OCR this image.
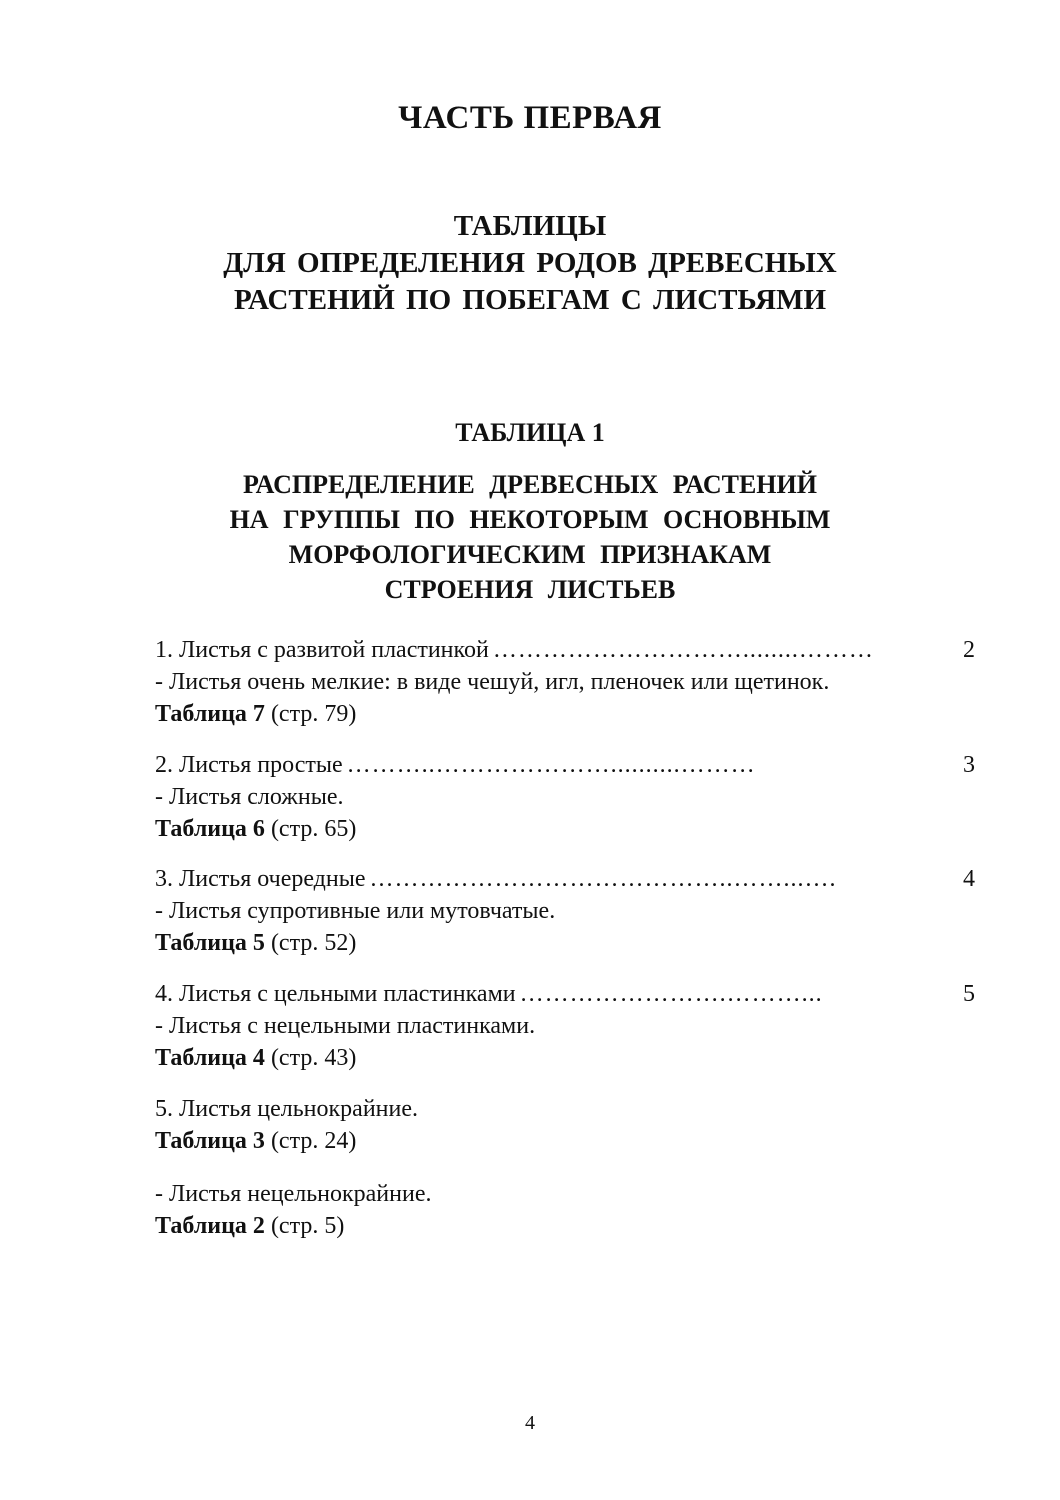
ЧАСТЬ ПЕРВАЯ
ТАБЛИЦЫ
ДЛЯ ОПРЕДЕЛЕНИЯ РОДОВ ДРЕВЕСНЫХ
РАСТЕНИЙ ПО ПОБЕГАМ С ЛИСТЬЯМИ
ТАБЛИЦА 1
РАСПРЕДЕЛЕНИЕ ДРЕВЕСНЫХ РАСТЕНИЙ
НА ГРУППЫ ПО НЕКОТОРЫМ ОСНОВНЫМ
МОРФОЛОГИЧЕСКИМ ПРИЗНАКАМ
СТРОЕНИЯ ЛИСТЬЕВ
1. Листья с развитой пластинкой …………………………........………	2
- Листья очень мелкие: в виде чешуй, игл, пленочек или щетинок.
Таблица 7 (стр. 79)
2. Листья простые ………..…………………..........………	3
- Листья сложные.
Таблица 6 (стр. 65)
3. Листья очередные ……………………………………..……...….	4
- Листья супротивные или мутовчатые.
Таблица 5 (стр. 52)
4. Листья с цельными пластинками …………………….………...	5
- Листья с нецельными пластинками.
Таблица 4 (стр. 43)
5. Листья цельнокрайние.
Таблица 3 (стр. 24)
- Листья нецельнокрайние.
Таблица 2 (стр. 5)
4
